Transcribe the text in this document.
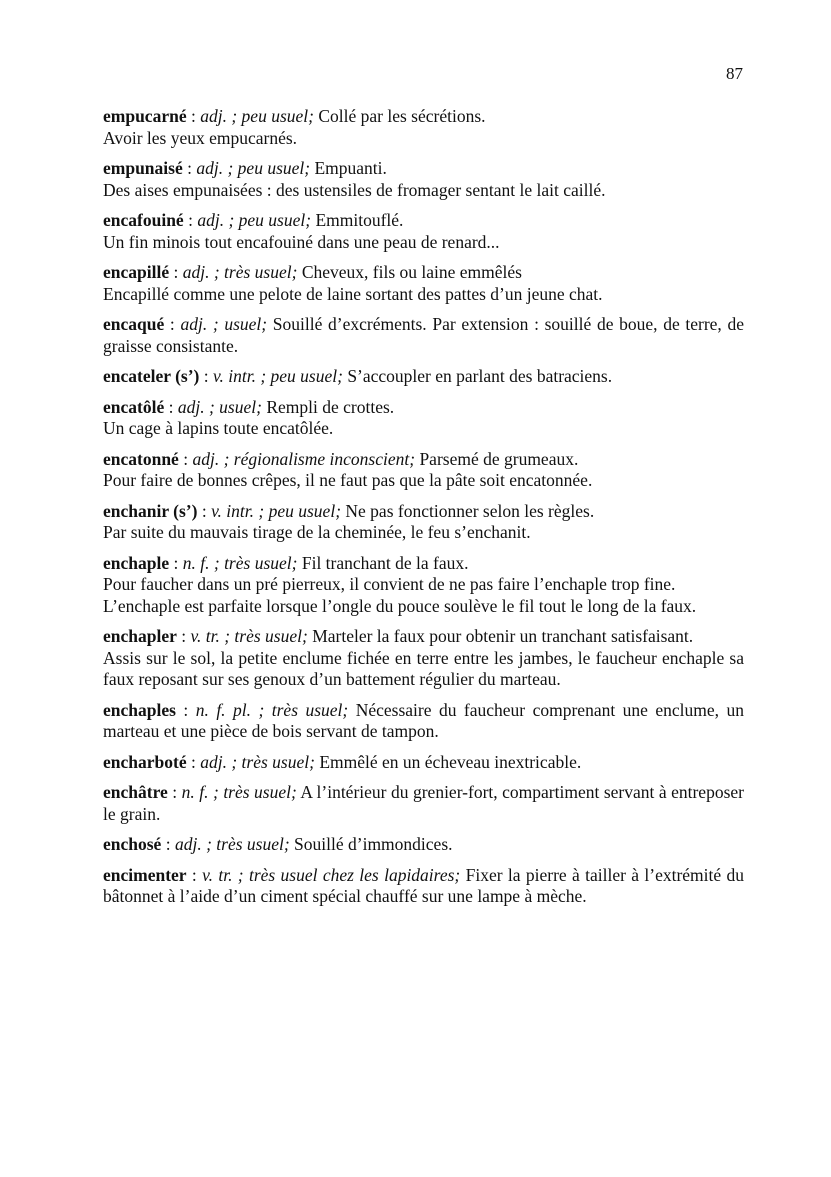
87
empucarné : adj. ; peu usuel; Collé par les sécrétions.
Avoir les yeux empucarnés.
empunaisé : adj. ; peu usuel; Empuanti.
Des aises empunaisées : des ustensiles de fromager sentant le lait caillé.
encafouiné : adj. ; peu usuel; Emmitouflé.
Un fin minois tout encafouiné dans une peau de renard...
encapillé : adj. ; très usuel; Cheveux, fils ou laine emmêlés
Encapillé comme une pelote de laine sortant des pattes d’un jeune chat.
encaqué : adj. ; usuel; Souillé d’excréments. Par extension : souillé de boue, de terre, de graisse consistante.
encateler (s’) : v. intr. ; peu usuel; S’accoupler en parlant des batraciens.
encatôlé : adj. ; usuel; Rempli de crottes.
Un cage à lapins toute encatôlée.
encatonné : adj. ; régionalisme inconscient; Parsemé de grumeaux.
Pour faire de bonnes crêpes, il ne faut pas que la pâte soit encatonnée.
enchanir (s’) : v. intr. ; peu usuel; Ne pas fonctionner selon les règles.
Par suite du mauvais tirage de la cheminée, le feu s’enchanit.
enchaple : n. f. ; très usuel; Fil tranchant de la faux.
Pour faucher dans un pré pierreux, il convient de ne pas faire l’enchaple trop fine.
L’enchaple est parfaite lorsque l’ongle du pouce soulève le fil tout le long de la faux.
enchapler : v. tr. ; très usuel; Marteler la faux pour obtenir un tranchant satisfaisant.
Assis sur le sol, la petite enclume fichée en terre entre les jambes, le faucheur enchaple sa faux reposant sur ses genoux d’un battement régulier du marteau.
enchaples : n. f. pl. ; très usuel; Nécessaire du faucheur comprenant une enclume, un marteau et une pièce de bois servant de tampon.
encharboté : adj. ; très usuel; Emmêlé en un écheveau inextricable.
enchâtre : n. f. ; très usuel; A l’intérieur du grenier-fort, compartiment servant à entreposer le grain.
enchosé : adj. ; très usuel; Souillé d’immondices.
encimenter : v. tr. ; très usuel chez les lapidaires; Fixer la pierre à tailler à l’extrémité du bâtonnet à l’aide d’un ciment spécial chauffé sur une lampe à mèche.
